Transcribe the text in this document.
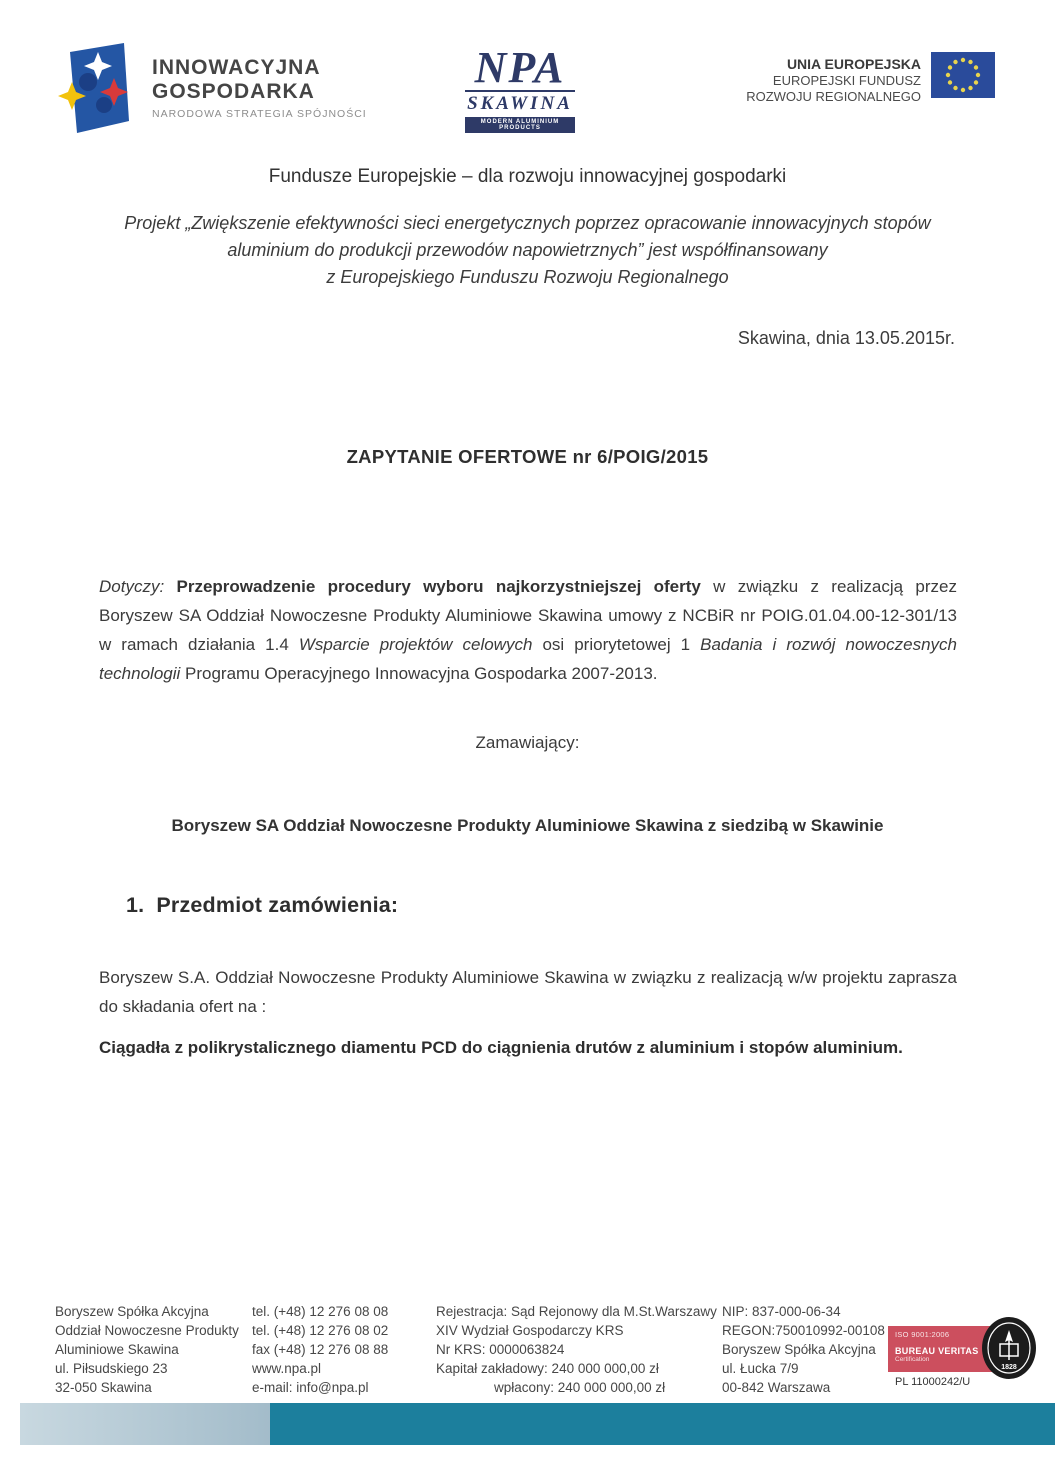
INNOWACYJNA
GOSPODARKA
NARODOWA STRATEGIA SPÓJNOŚCI
NPA
SKAWINA
MODERN ALUMINIUM PRODUCTS
UNIA EUROPEJSKA
EUROPEJSKI FUNDUSZ
ROZWOJU REGIONALNEGO
Fundusze Europejskie – dla rozwoju innowacyjnej gospodarki
Projekt „Zwiększenie efektywności sieci energetycznych poprzez opracowanie innowacyjnych stopów
aluminium do produkcji przewodów napowietrznych” jest współfinansowany
z Europejskiego Funduszu Rozwoju Regionalnego
Skawina, dnia 13.05.2015r.
ZAPYTANIE OFERTOWE nr 6/POIG/2015
Dotyczy: Przeprowadzenie procedury wyboru najkorzystniejszej oferty w związku z realizacją przez Boryszew SA Oddział Nowoczesne Produkty Aluminiowe Skawina umowy z NCBiR nr POIG.01.04.00-12-301/13 w ramach działania 1.4 Wsparcie projektów celowych osi priorytetowej 1 Badania i rozwój nowoczesnych technologii Programu Operacyjnego Innowacyjna Gospodarka 2007-2013.
Zamawiający:
Boryszew SA Oddział Nowoczesne Produkty Aluminiowe Skawina z siedzibą w Skawinie
1. Przedmiot zamówienia:
Boryszew S.A. Oddział Nowoczesne Produkty Aluminiowe Skawina w związku z realizacją w/w projektu zaprasza do składania ofert na :
Ciągadła z polikrystalicznego diamentu PCD do ciągnienia drutów z aluminium i stopów aluminium.
Boryszew Spółka Akcyjna
Oddział Nowoczesne Produkty
Aluminiowe Skawina
ul. Piłsudskiego 23
32-050 Skawina
tel. (+48) 12 276 08 08
tel. (+48) 12 276 08 02
fax (+48) 12 276 08 88
www.npa.pl
e-mail: info@npa.pl
Rejestracja: Sąd Rejonowy dla M.St.Warszawy
XIV Wydział Gospodarczy KRS
Nr KRS: 0000063824
Kapitał zakładowy: 240 000 000,00 zł
wpłacony: 240 000 000,00 zł
NIP: 837-000-06-34
REGON:750010992-00108
Boryszew Spółka Akcyjna
ul. Łucka 7/9
00-842 Warszawa
ISO 9001:2006
BUREAU VERITAS
Certification
PL 11000242/U
1828
